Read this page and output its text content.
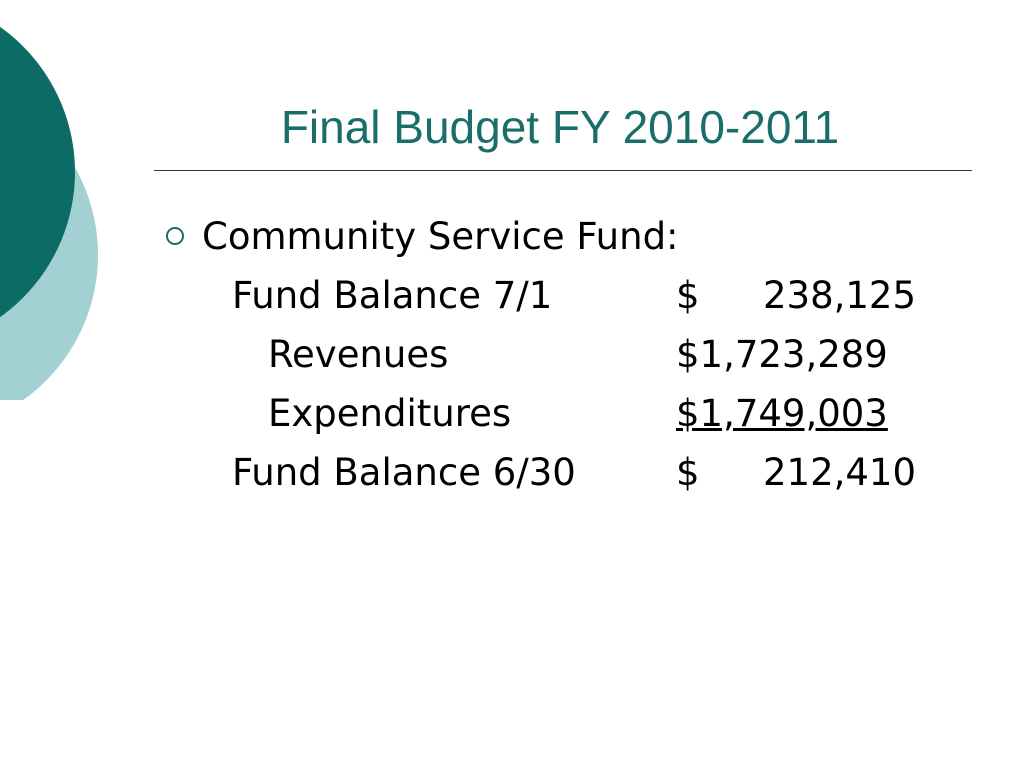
Final Budget FY 2010-2011
Community Service Fund:
Fund Balance 7/1	$ 238,125
Revenues	$1,723,289
Expenditures	$1,749,003
Fund Balance 6/30	$ 212,410
